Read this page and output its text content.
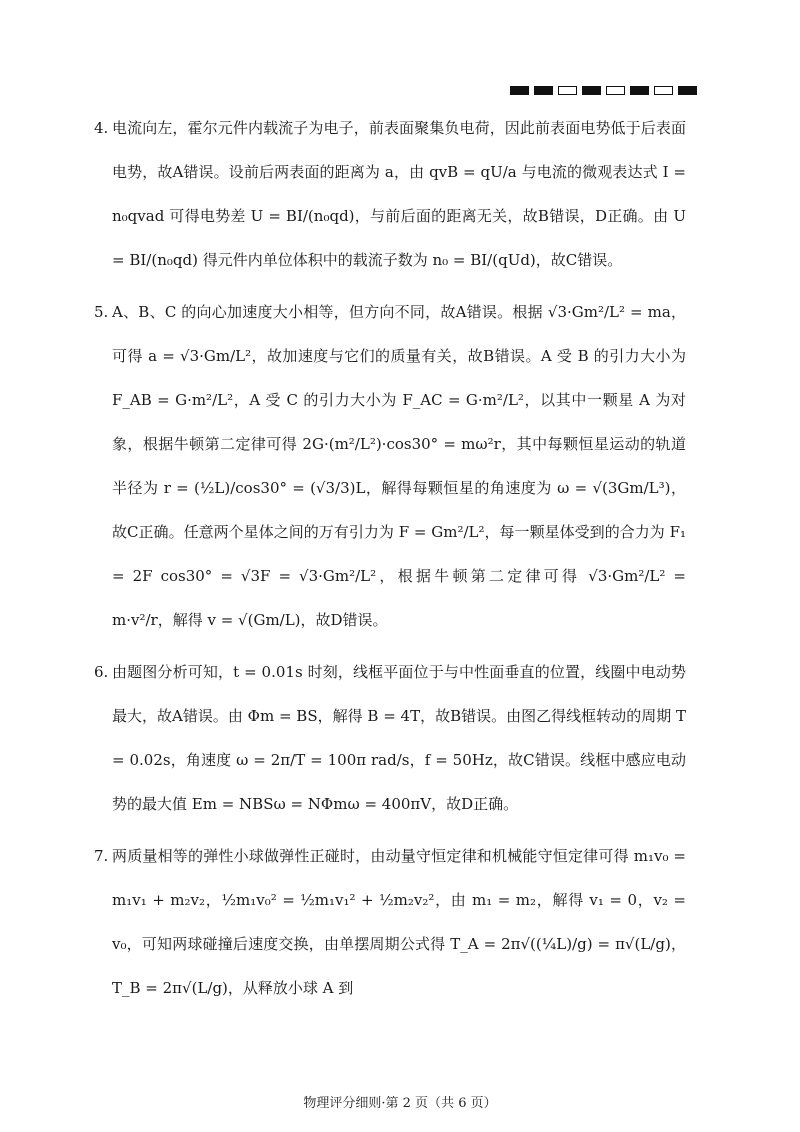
4. 电流向左，霍尔元件内载流子为电子，前表面聚集负电荷，因此前表面电势低于后表面电势，故A错误。设前后两表面的距离为 a，由 qvB = qU/a 与电流的微观表达式 I = n₀qvad 可得电势差 U = BI/(n₀qd)，与前后面的距离无关，故B错误，D正确。由 U = BI/(n₀qd) 得元件内单位体积中的载流子数为 n₀ = BI/(qUd)，故C错误。
5. A、B、C 的向心加速度大小相等，但方向不同，故A错误。根据 √3·Gm²/L² = ma，可得 a = √3·Gm/L²，故加速度与它们的质量有关，故B错误。A 受 B 的引力大小为 F_AB = G·m²/L²，A 受 C 的引力大小为 F_AC = G·m²/L²，以其中一颗星 A 为对象，根据牛顿第二定律可得 2G·(m²/L²)·cos30° = mω²r，其中每颗恒星运动的轨道半径为 r = (½L)/cos30° = (√3/3)L，解得每颗恒星的角速度为 ω = √(3Gm/L³)，故C正确。任意两个星体之间的万有引力为 F = Gm²/L²，每一颗星体受到的合力为 F₁ = 2F cos30° = √3F = √3·Gm²/L²，根据牛顿第二定律可得 √3·Gm²/L² = m·v²/r，解得 v = √(Gm/L)，故D错误。
6. 由题图分析可知，t = 0.01s 时刻，线框平面位于与中性面垂直的位置，线圈中电动势最大，故A错误。由 Φm = BS，解得 B = 4T，故B错误。由图乙得线框转动的周期 T = 0.02s，角速度 ω = 2π/T = 100π rad/s，f = 50Hz，故C错误。线框中感应电动势的最大值 Em = NBSω = NΦmω = 400πV，故D正确。
7. 两质量相等的弹性小球做弹性正碰时，由动量守恒定律和机械能守恒定律可得 m₁v₀ = m₁v₁ + m₂v₂，½m₁v₀² = ½m₁v₁² + ½m₂v₂²，由 m₁ = m₂，解得 v₁ = 0，v₂ = v₀，可知两球碰撞后速度交换，由单摆周期公式得 T_A = 2π√((¼L)/g) = π√(L/g)，T_B = 2π√(L/g)，从释放小球 A 到
物理评分细则·第 2 页（共 6 页）
